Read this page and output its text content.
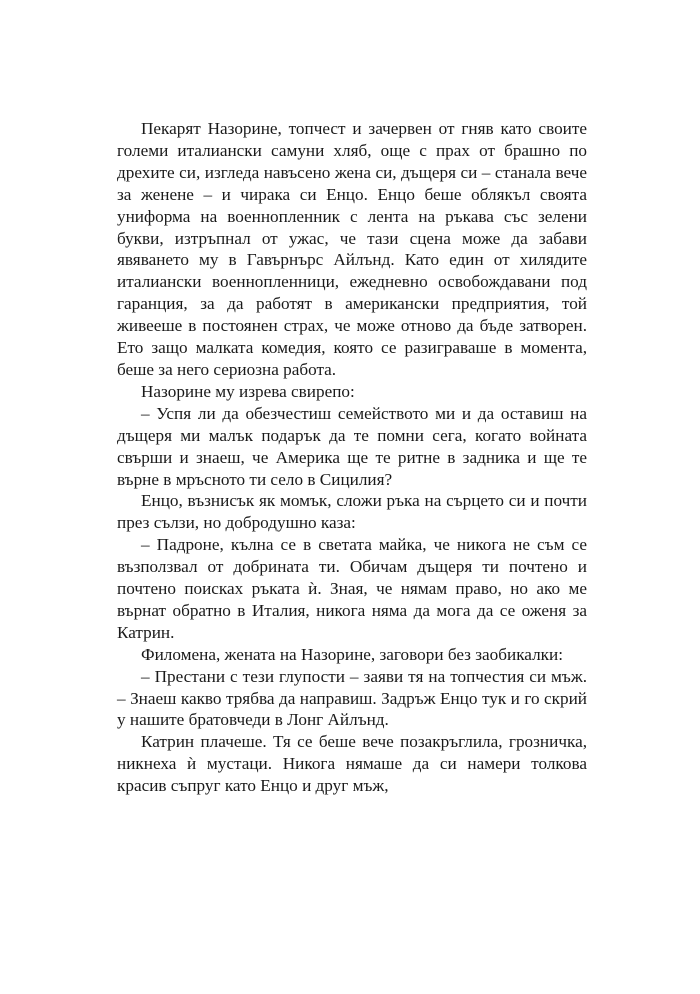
Пекарят Назорине, топчест и зачервен от гняв като своите големи италиански самуни хляб, още с прах от брашно по дрехите си, изгледа навъсено жена си, дъщеря си – станала вече за женене – и чирака си Енцо. Енцо беше облякъл своята униформа на военнопленник с лента на ръкава със зелени букви, изтръпнал от ужас, че тази сцена може да забави явяването му в Гавърнърс Айлънд. Като един от хилядите италиански военнопленници, ежедневно освобождавани под гаранция, за да работят в американски предприятия, той живееше в постоянен страх, че може отново да бъде затворен. Ето защо малката комедия, която се разиграваше в момента, беше за него сериозна работа.

Назорине му изрева свирепо:

– Успя ли да обезчестиш семейството ми и да оставиш на дъщеря ми малък подарък да те помни сега, когато войната свърши и знаеш, че Америка ще те ритне в задника и ще те върне в мръсното ти село в Сицилия?

Енцо, възнисък як момък, сложи ръка на сърцето си и почти през сълзи, но добродушно каза:

– Падроне, кълна се в светата майка, че никога не съм се възползвал от добрината ти. Обичам дъщеря ти почтено и почтено поисках ръката ѝ. Зная, че нямам право, но ако ме върнат обратно в Италия, никога няма да мога да се оженя за Катрин.

Филомена, жената на Назорине, заговори без заобикалки:

– Престани с тези глупости – заяви тя на топчестия си мъж. – Знаеш какво трябва да направиш. Задръж Енцо тук и го скрий у нашите братовчеди в Лонг Айлънд.

Катрин плачеше. Тя се беше вече позакръглила, грозничка, никнеха ѝ мустаци. Никога нямаше да си намери толкова красив съпруг като Енцо и друг мъж,
